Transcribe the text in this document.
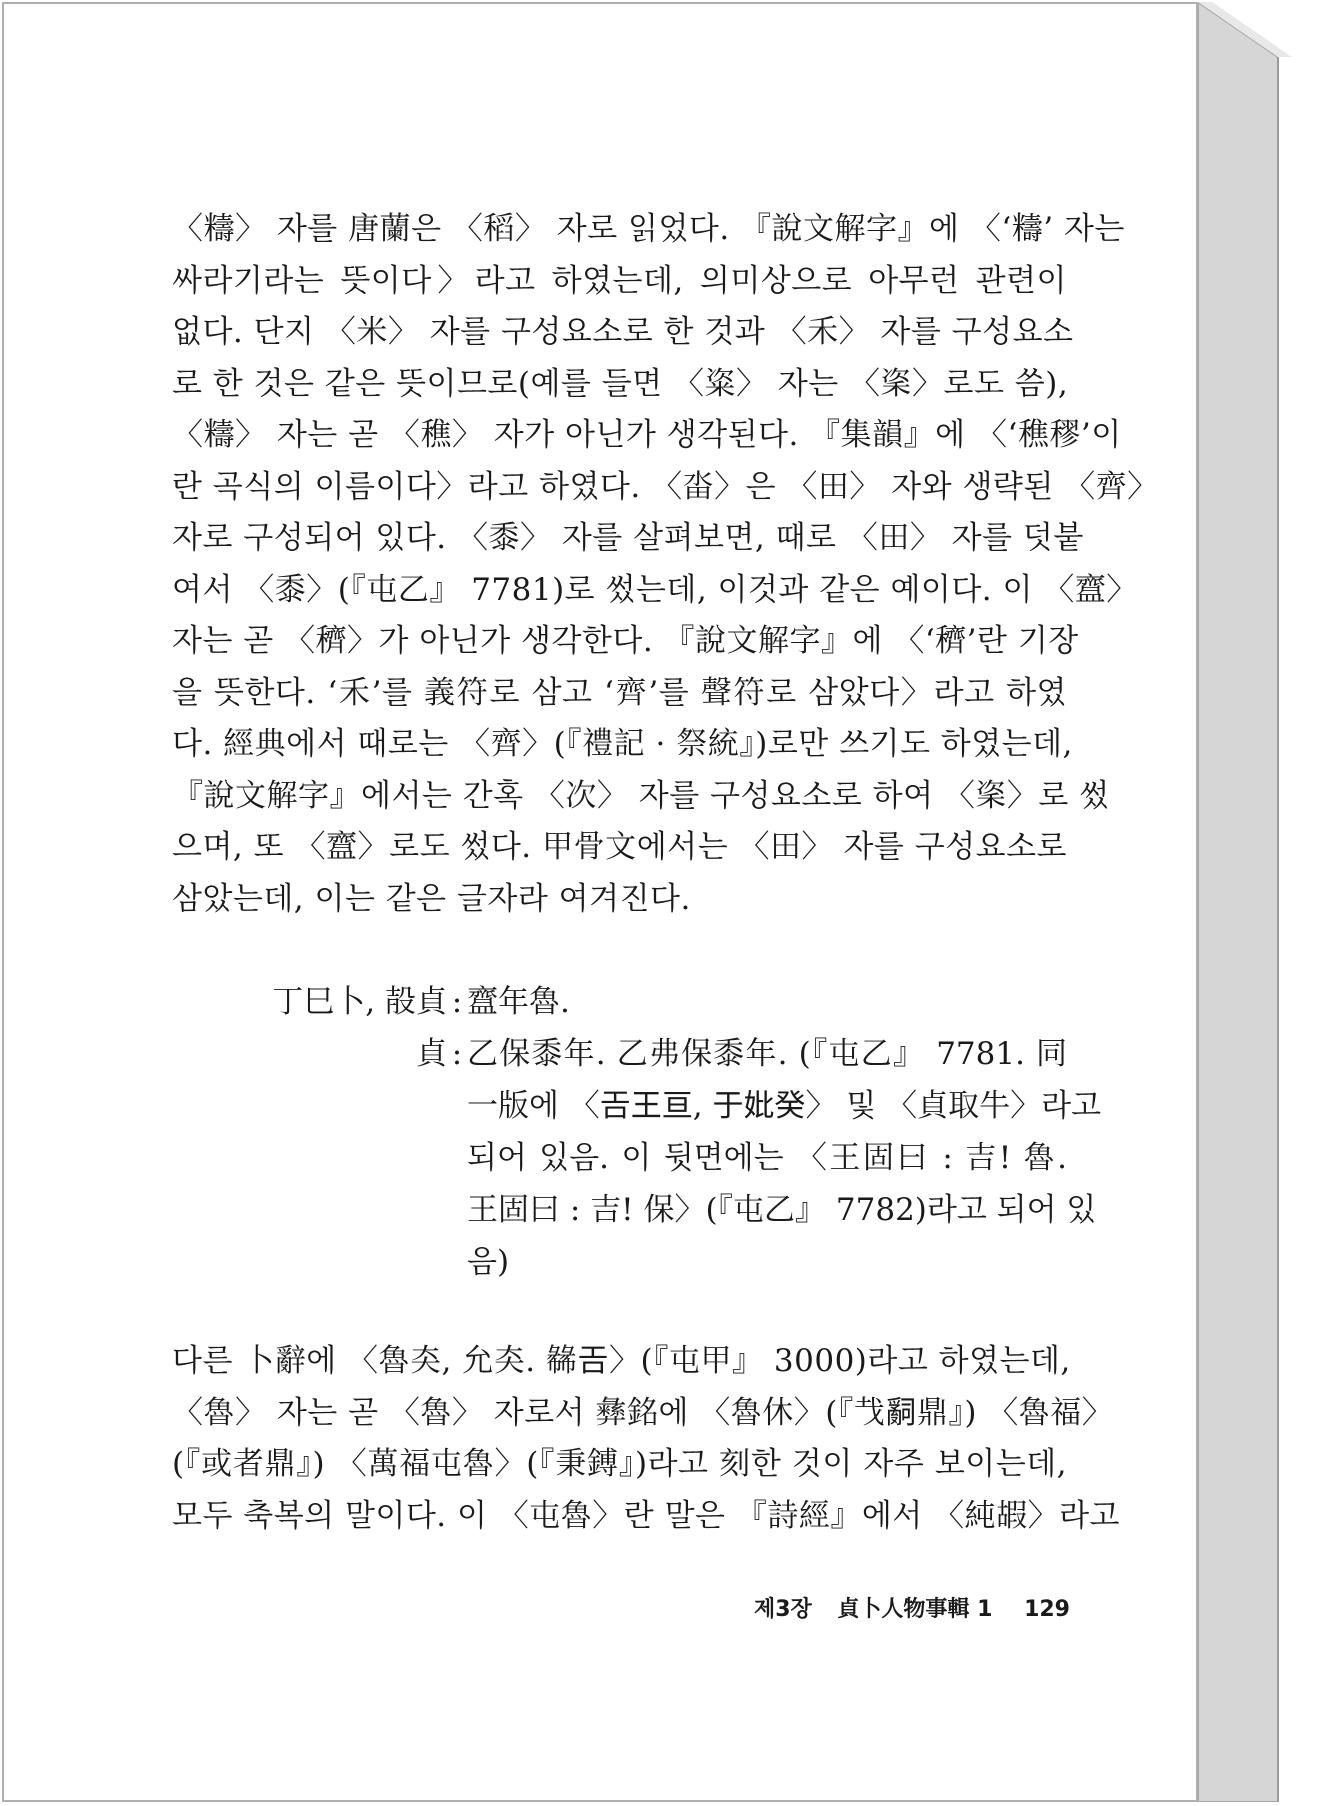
〈䊭〉 자를 唐蘭은 〈稻〉 자로 읽었다. 『說文解字』에 〈‘䊭’ 자는
싸라기라는 뜻이다〉라고 하였는데, 의미상으로 아무런 관련이
없다. 단지 〈米〉 자를 구성요소로 한 것과 〈禾〉 자를 구성요소
로 한 것은 같은 뜻이므로(예를 들면 〈粢〉 자는 〈秶〉로도 씀),
〈䊭〉 자는 곧 〈穛〉 자가 아닌가 생각된다. 『集韻』에 〈‘穛穋’이
란 곡식의 이름이다〉라고 하였다. 〈畓〉은 〈田〉 자와 생략된 〈齊〉
자로 구성되어 있다. 〈黍〉 자를 살펴보면, 때로 〈田〉 자를 덧붙
여서 〈黍〉(『屯乙』 7781)로 썼는데, 이것과 같은 예이다. 이 〈齍〉
자는 곧 〈穧〉가 아닌가 생각한다. 『說文解字』에 〈‘穧’란 기장
을 뜻한다. ‘禾’를 義符로 삼고 ‘齊’를 聲符로 삼았다〉라고 하였
다. 經典에서 때로는 〈齊〉(『禮記 · 祭統』)로만 쓰기도 하였는데,
『說文解字』에서는 간혹 〈次〉 자를 구성요소로 하여 〈秶〉로 썼
으며, 또 〈齍〉로도 썼다. 甲骨文에서는 〈田〉 자를 구성요소로
삼았는데, 이는 같은 글자라 여겨진다.
丁巳卜, 㱿貞 : 齍年魯.
貞 : 乙保黍年. 乙弗保黍年. (『屯乙』 7781. 同
一版에 〈𢀛王亘, 于妣癸〉 및 〈貞取牛〉라고
되어 있음. 이 뒷면에는 〈王固曰 : 吉! 魯.
王固曰 : 吉! 保〉(『屯乙』 7782)라고 되어 있
음)
다른 卜辭에 〈魯㚐, 允㚐. 㣈𢀛〉(『屯甲』 3000)라고 하였는데,
〈魯〉 자는 곧 〈魯〉 자로서 彝銘에 〈魯休〉(『𢦏𤔲鼎』) 〈魯福〉
(『或者鼎』) 〈萬福屯魯〉(『秉鎛』)라고 刻한 것이 자주 보이는데,
모두 축복의 말이다. 이 〈屯魯〉란 말은 『詩經』에서 〈純嘏〉라고
제3장 貞卜人物事輯 1 129
